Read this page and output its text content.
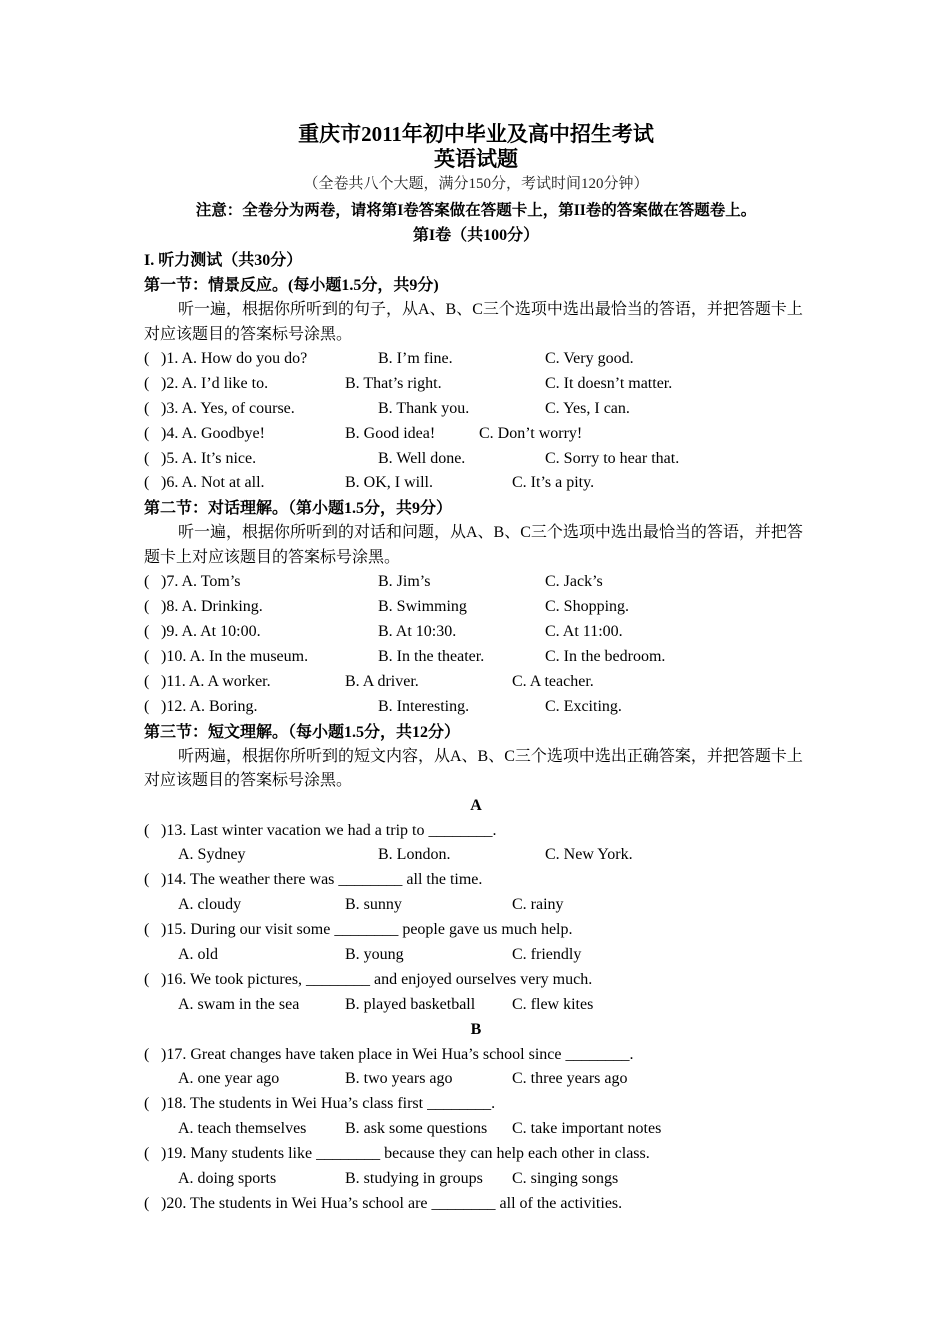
重庆市2011年初中毕业及高中招生考试
英语试题
（全卷共八个大题，满分150分，考试时间120分钟）
注意：全卷分为两卷，请将第I卷答案做在答题卡上，第II卷的答案做在答题卷上。
第I卷（共100分）
I. 听力测试（共30分）
第一节：情景反应。(每小题1.5分，共9分)
听一遍，根据你所听到的句子，从A、B、C三个选项中选出最恰当的答语，并把答题卡上对应该题目的答案标号涂黑。
( )1. A. How do you do?	B. I’m fine.	C. Very good.
( )2. A. I’d like to.	B. That’s right.	C. It doesn’t matter.
( )3. A. Yes, of course.	B. Thank you.	C. Yes, I can.
( )4. A. Goodbye!	B. Good idea!	C. Don’t worry!
( )5. A. It’s nice.	B. Well done.	C. Sorry to hear that.
( )6. A. Not at all.	B. OK, I will.	C. It’s a pity.
第二节：对话理解。（第小题1.5分，共9分）
听一遍，根据你所听到的对话和问题，从A、B、C三个选项中选出最恰当的答语，并把答题卡上对应该题目的答案标号涂黑。
( )7. A. Tom’s	B. Jim’s	C. Jack’s
( )8. A. Drinking.	B. Swimming	C. Shopping.
( )9. A. At 10:00.	B. At 10:30.	C. At 11:00.
( )10. A. In the museum.	B. In the theater.	C. In the bedroom.
( )11. A. A worker.	B. A driver.	C. A teacher.
( )12. A. Boring.	B. Interesting.	C. Exciting.
第三节：短文理解。（每小题1.5分，共12分）
听两遍，根据你所听到的短文内容，从A、B、C三个选项中选出正确答案，并把答题卡上对应该题目的答案标号涂黑。
A
( )13. Last winter vacation we had a trip to ________.
A. Sydney	B. London.	C. New York.
( )14. The weather there was ________ all the time.
A. cloudy	B. sunny	C. rainy
( )15. During our visit some ________ people gave us much help.
A. old	B. young	C. friendly
( )16. We took pictures, ________ and enjoyed ourselves very much.
A. swam in the sea	B. played basketball C. flew kites
B
( )17. Great changes have taken place in Wei Hua’s school since ________.
A. one year ago	B. two years ago	C. three years ago
( )18. The students in Wei Hua’s class first ________.
A. teach themselves B. ask some questions C. take important notes
( )19. Many students like ________ because they can help each other in class.
A. doing sports	B. studying in groups C. singing songs
( )20. The students in Wei Hua’s school are ________ all of the activities.
